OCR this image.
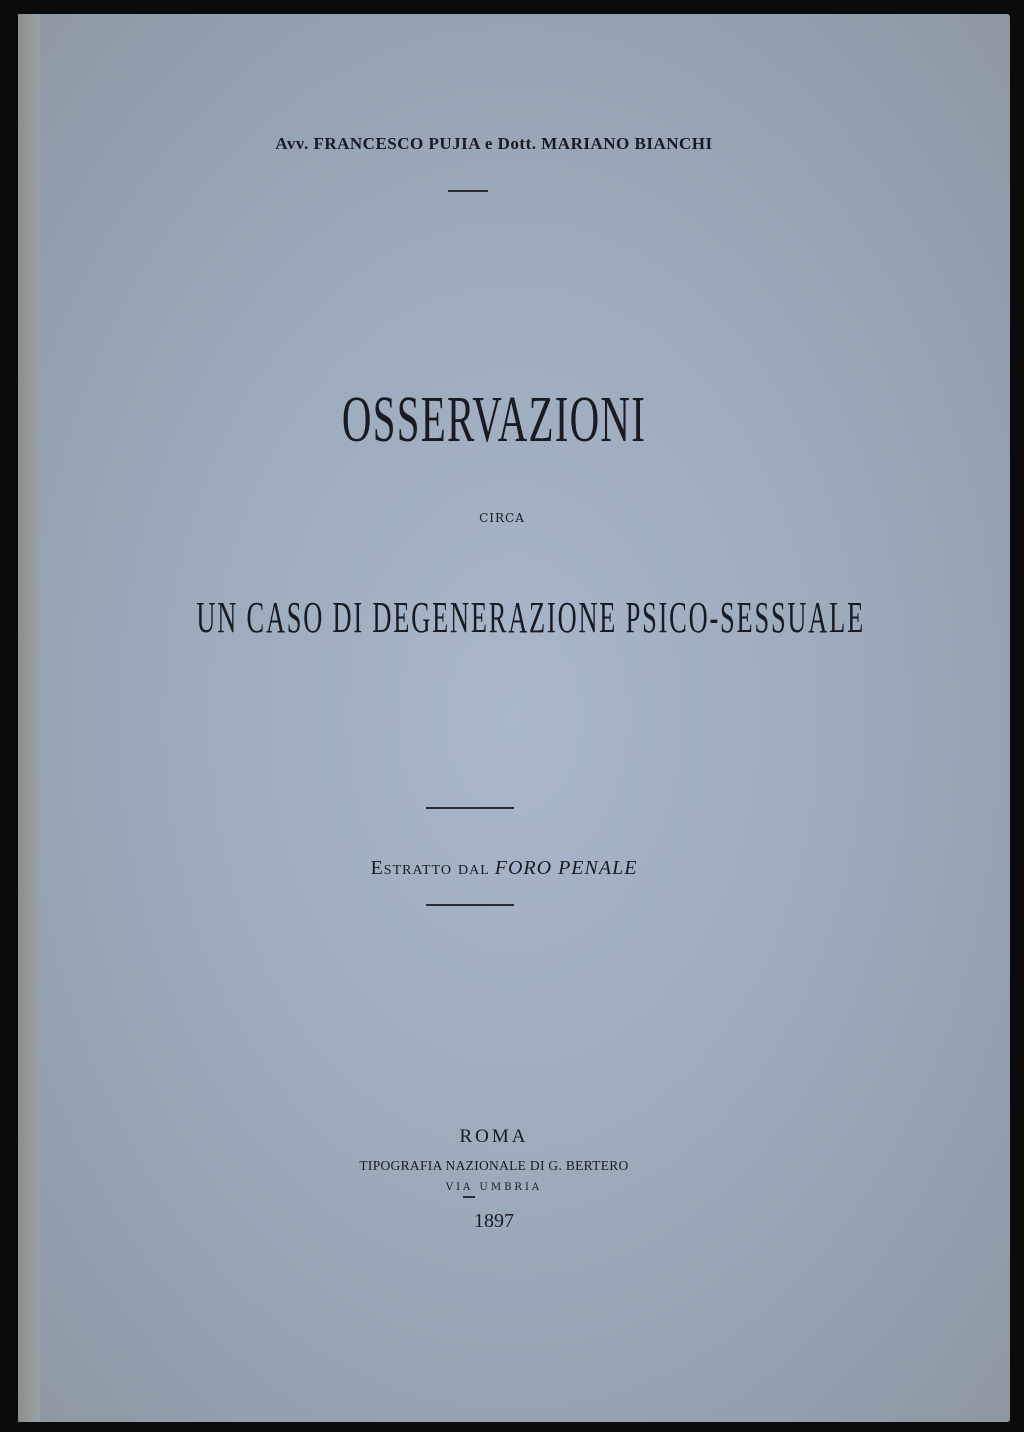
Avv. FRANCESCO PUJIA e Dott. MARIANO BIANCHI
OSSERVAZIONI
CIRCA
UN CASO DI DEGENERAZIONE PSICO-SESSUALE
Estratto dal FORO PENALE
ROMA
TIPOGRAFIA NAZIONALE DI G. BERTERO
VIA UMBRIA
1897
